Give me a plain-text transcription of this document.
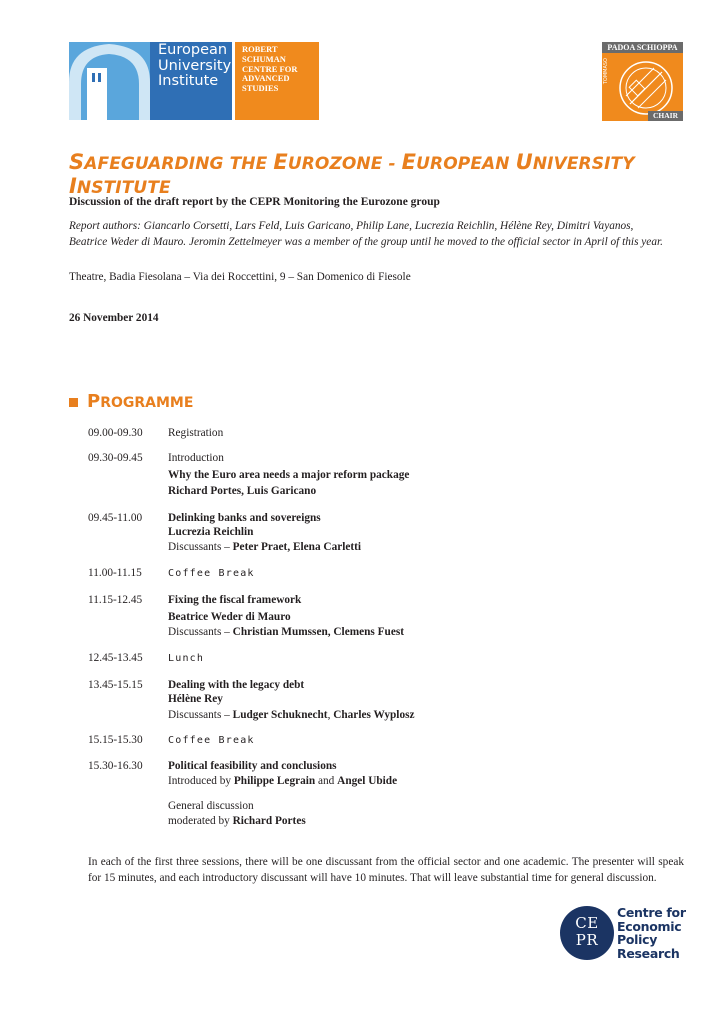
European
University
Institute
ROBERT
SCHUMAN
CENTRE FOR
ADVANCED
STUDIES
PADOA SCHIOPPA
TOMMASO
CHAIR
SAFEGUARDING THE EUROZONE - EUROPEAN UNIVERSITY INSTITUTE
Discussion of the draft report by the CEPR Monitoring the Eurozone group
Report authors: Giancarlo Corsetti, Lars Feld, Luis Garicano, Philip Lane, Lucrezia Reichlin, Hélène Rey, Dimitri Vayanos,
Beatrice Weder di Mauro. Jeromin Zettelmeyer was a member of the group until he moved to the official sector in April of this year.
Theatre, Badia Fiesolana – Via dei Roccettini, 9 – San Domenico di Fiesole
26 November 2014
PROGRAMME
09.00-09.30 Registration
09.30-09.45 Introduction
Why the Euro area needs a major reform package
Richard Portes, Luis Garicano
09.45-11.00 Delinking banks and sovereigns
Lucrezia Reichlin
Discussants – Peter Praet, Elena Carletti
11.00-11.15	Coffee Break
11.15-12.45 Fixing the fiscal framework
Beatrice Weder di Mauro
Discussants – Christian Mumssen, Clemens Fuest
12.45-13.45	Lunch
13.45-15.15 Dealing with the legacy debt
Hélène Rey
Discussants – Ludger Schuknecht, Charles Wyplosz
15.15-15.30	Coffee Break
15.30-16.30 Political feasibility and conclusions
Introduced by Philippe Legrain and Angel Ubide
General discussion
moderated by Richard Portes
In each of the first three sessions, there will be one discussant from the official sector and one academic. The presenter will speak for 15 minutes, and each introductory discussant will have 10 minutes. That will leave substantial time for general discussion.
CE
PR
Centre for
Economic
Policy
Research
